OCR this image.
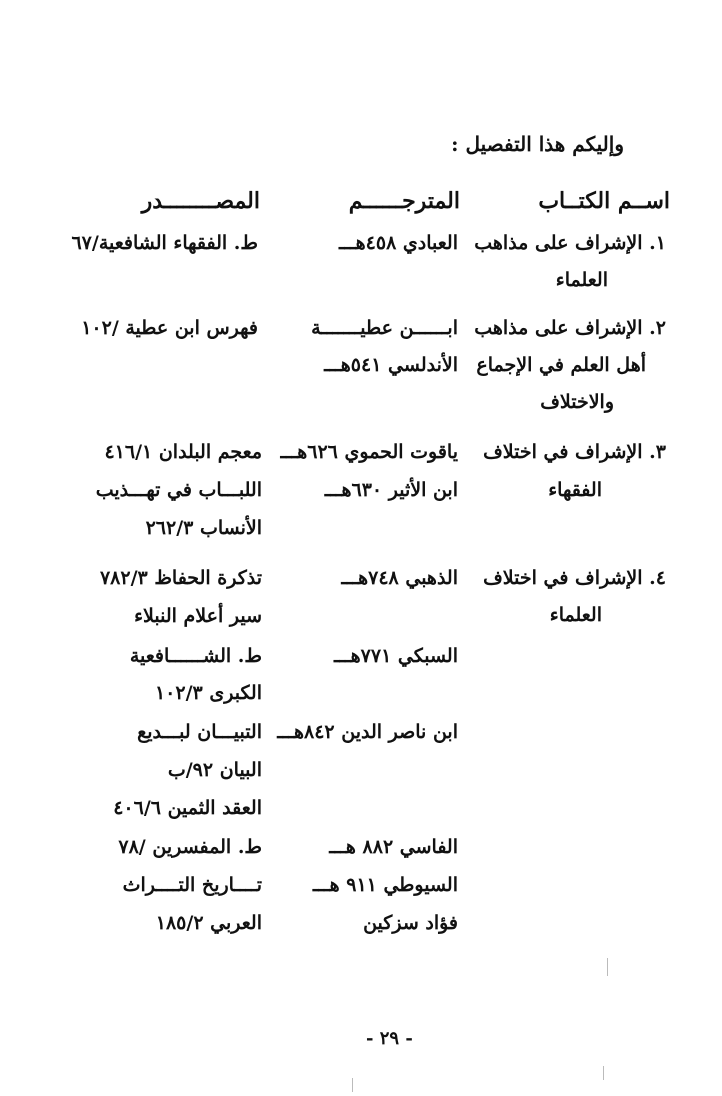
وإليكم هذا التفصيل :
اســم الكتــاب
المترجــــــم
المصــــــــدر
١. الإشراف على مذاهب
العلماء
العبادي ٤٥٨هـــ
ط. الفقهاء الشافعية/٦٧
٢. الإشراف على مذاهب
أهل العلم في الإجماع
والاختلاف
ابــــــن عطيـــــــة
الأندلسي ٥٤١هـــ
فهرس ابن عطية /١٠٢
٣. الإشراف في اختلاف
الفقهاء
ياقوت الحموي ٦٢٦هـــ
ابن الأثير ٦٣٠هـــ
معجم البلدان ٤١٦/١
اللبـــاب في تهـــذيب
الأنساب ٢٦٢/٣
٤. الإشراف في اختلاف
العلماء
الذهبي ٧٤٨هـــ
السبكي ٧٧١هـــ
ابن ناصر الدين ٨٤٢هـــ
الفاسي ٨٨٢ هـــ
السيوطي ٩١١ هـــ
فؤاد سزكين
تذكرة الحفاظ ٧٨٢/٣
سير أعلام النبلاء
ط. الشــــــافعية
الكبرى ١٠٢/٣
التبيـــان لبـــديع
البيان ٩٢/ب
العقد الثمين ٤٠٦/٦
ط. المفسرين /٧٨
تــــاريخ التــــراث
العربي ١٨٥/٢
- ٢٩ -
